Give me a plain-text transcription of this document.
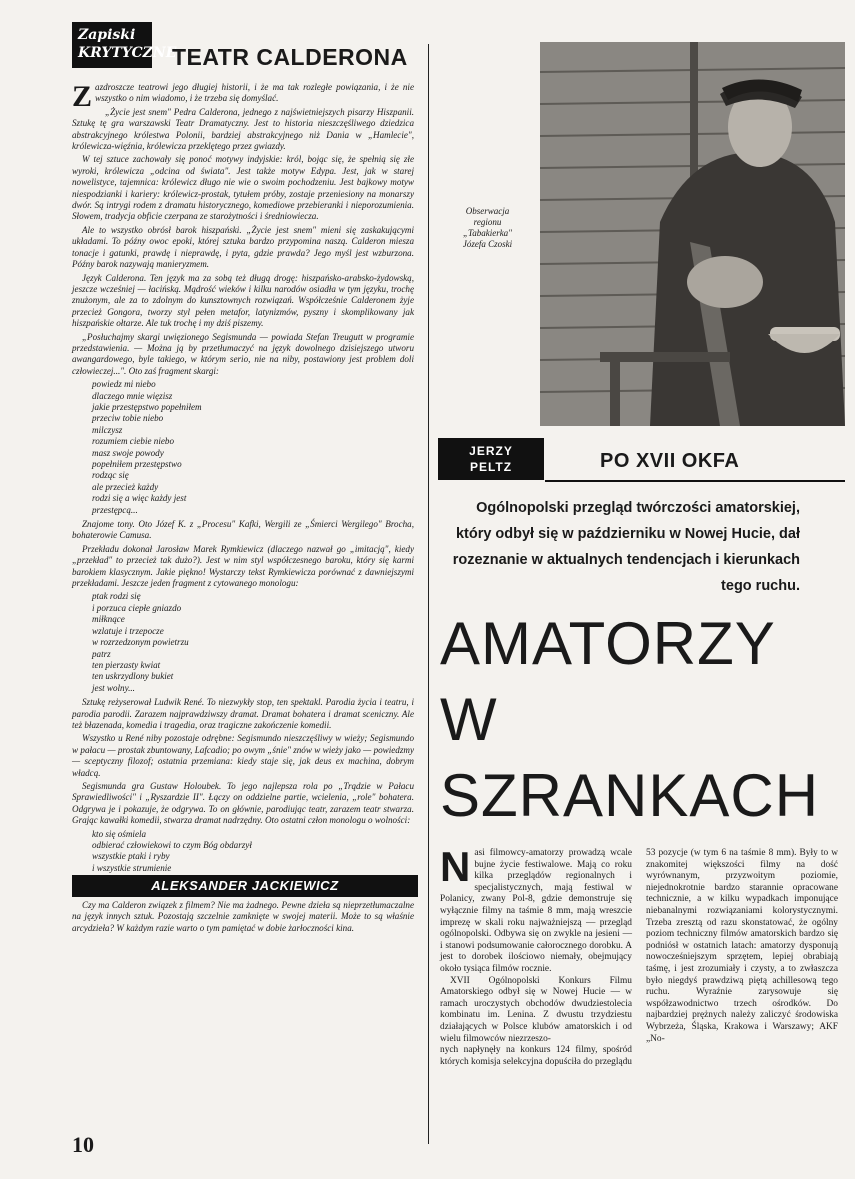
Zapiski
KRYTYCZNE
TEATR CALDERONA

Zazdroszcze teatrowi jego długiej historii, i że ma tak rozległe powiązania, i że nie wszystko o nim wiadomo, i że trzeba się domyślać.

„Życie jest snem" Pedra Calderona, jednego z najświetniejszych pisarzy Hiszpanii. Sztukę tę gra warszawski Teatr Dramatyczny. Jest to historia nieszczęśliwego dziedzica abstrakcyjnego królestwa Polonii, bardziej abstrakcyjnego niż Dania w „Hamlecie", królewicza-więźnia, królewicza przeklętego przez gwiazdy.

W tej sztuce zachowały się ponoć motywy indyjskie: król, bojąc się, że spełnią się złe wyroki, królewicza „odcina od świata". Jest także motyw Edypa. Jest, jak w starej nowelistyce, tajemnica: królewicz długo nie wie o swoim pochodzeniu. Jest bajkowy motyw niespodzianki i kariery: królewicz-prostak, tytułem próby, zostaje przeniesiony na monarszy dwór. Są intrygi rodem z dramatu historycznego, komediowe przebieranki i nieporozumienia. Słowem, tradycja obficie czerpana ze starożytności i średniowiecza.

Ale to wszystko obrósł barok hiszpański. „Życie jest snem" mieni się zaskakującymi układami. To późny owoc epoki, której sztuka bardzo przypomina naszą. Calderon miesza tonacje i gatunki, prawdę i nieprawdę, i pyta, gdzie prawda? Jego myśl jest wzburzona. Późny barok nazywają manieryzmem.

Język Calderona. Ten język ma za sobą też długą drogę: hiszpańsko-arabsko-żydowską, jeszcze wcześniej — łacińską. Mądrość wieków i kilku narodów osiadła w tym języku, trochę znużonym, ale za to zdolnym do kunsztownych rozwiązań. Współcześnie Calderonem żyje przecież Gongora, tworzy styl pełen metafor, latynizmów, pyszny i skomplikowany jak hiszpańskie ołtarze. Ale tuk trochę i my dziś piszemy.

„Posłuchajmy skargi uwięzionego Segismunda — powiada Stefan Treugutt w programie przedstawienia. — Można ją by przetłumaczyć na język dowolnego dzisiejszego utworu awangardowego, byle takiego, w którym serio, nie na niby, postawiony jest problem doli człowieczej...". Oto zaś fragment skargi:

powiedz mi niebo
dlaczego mnie więzisz
jakie przestępstwo popełniłem
przeciw tobie niebo
milczysz
rozumiem ciebie niebo
masz swoje powody
popełniłem przestępstwo
rodząc się
ale przecież każdy
rodzi się a więc każdy jest
przestępcą...

Znajome tony. Oto Józef K. z „Procesu" Kafki, Wergili ze „Śmierci Wergilego" Brocha, bohaterowie Camusa.

Przekładu dokonał Jarosław Marek Rymkiewicz (dlaczego nazwał go „imitacją", kiedy „przekład" to przecież tak dużo?). Jest w nim styl współczesnego baroku, który się karmi barokiem klasycznym. Jakie piękno! Wystarczy tekst Rymkiewicza porównać z dawniejszymi przekładami. Jeszcze jeden fragment z cytowanego monologu:

ptak rodzi się
i porzuca ciepłe gniazdo
miłknące
wzlatuje i trzepocze
w rozrzedzonym powietrzu
patrz
ten pierzasty kwiat
ten uskrzydlony bukiet
jest wolny...

Sztukę reżyserował Ludwik René. To niezwykły stop, ten spektakl. Parodia życia i teatru, i parodia parodii. Zarazem najprawdziwszy dramat. Dramat bohatera i dramat sceniczny. Ale też błazenada, komedia i tragedia, oraz tragiczne zakończenie komedii.

Wszystko u René niby pozostaje odrębne: Segismundo nieszczęśliwy w wieży; Segismundo w pałacu — prostak zbuntowany, Lafcadio; po owym „śnie" znów w wieży jako — powiedzmy — sceptyczny filozof; ostatnia przemiana: kiedy staje się, jak deus ex machina, dobrym władcą.

Segismunda gra Gustaw Holoubek. To jego najlepsza rola po „Trądzie w Pałacu Sprawiedliwości" i „Ryszardzie II". Łączy on oddzielne partie, wcielenia, „role" bohatera. Odgrywa je i pokazuje, że odgrywa. To on głównie, parodiując teatr, zarazem teatr stwarza. Grając kawałki komedii, stwarza dramat nadrzędny. Oto ostatni człon monologu o wolności:

kto się ośmiela
odbierać człowiekowi to czym Bóg obdarzył
wszystkie ptaki i ryby
i wszystkie strumienie

Czy ma Calderon związek z filmem? Nie ma żadnego. Pewne dzieła są nieprzetłumaczalne na język innych sztuk. Pozostają szczelnie zamknięte w swojej materii. Może to są właśnie arcydzieła? W każdym razie warto o tym pamiętać w dobie żarłoczności kina.

ALEKSANDER JACKIEWICZ
10
Obserwacja
regionu
„Tabakierka"
Józefa Czoski
JERZY
PELTZ	PO XVII OKFA
Ogólnopolski przegląd twórczości amatorskiej, który odbył się w październiku w Nowej Hucie, dał rozeznanie w aktualnych tendencjach i kierunkach tego ruchu.
AMATORZY
W
SZRANKACH

Nasi filmowcy-amatorzy prowadzą wcale bujne życie festiwalowe. Mają co roku kilka przeglądów regionalnych i specjalistycznych, mają festiwal w Polanicy, zwany Pol-8, gdzie demonstruje się wyłącznie filmy na taśmie 8 mm, mają wreszcie imprezę w skali roku najważniejszą — przegląd ogólnopolski. Odbywa się on zwykle na jesieni — i stanowi podsumowanie całorocznego dorobku. A jest to dorobek ilościowo niemały, obejmujący około tysiąca filmów rocznie.

XVII Ogólnopolski Konkurs Filmu Amatorskiego odbył się w Nowej Hucie — w ramach uroczystych obchodów dwudziestolecia kombinatu im. Lenina. Z dwustu trzydziestu działających w Polsce klubów amatorskich i od wielu filmowców niezrzeszo-

nych napłynęły na konkurs 124 filmy, spośród których komisja selekcyjna dopuściła do przeglądu 53 pozycje (w tym 6 na taśmie 8 mm). Były to w znakomitej większości filmy na dość wyrównanym, przyzwoitym poziomie, niejednokrotnie bardzo starannie opracowane technicznie, a w kilku wypadkach imponujące niebanalnymi rozwiązaniami kolorystycznymi. Trzeba zresztą od razu skonstatować, że ogólny poziom techniczny filmów amatorskich bardzo się podniósł w ostatnich latach: amatorzy dysponują nowocześniejszym sprzętem, lepiej obrabiają taśmę, i jest zrozumiały i czysty, a to zwłaszcza było niegdyś prawdziwą piętą achillesową tego ruchu. Wyraźnie zarysowuje się współzawodnictwo trzech ośrodków. Do najbardziej prężnych należy zaliczyć środowiska Wybrzeża, Śląska, Krakowa i Warszawy; AKF „No-
